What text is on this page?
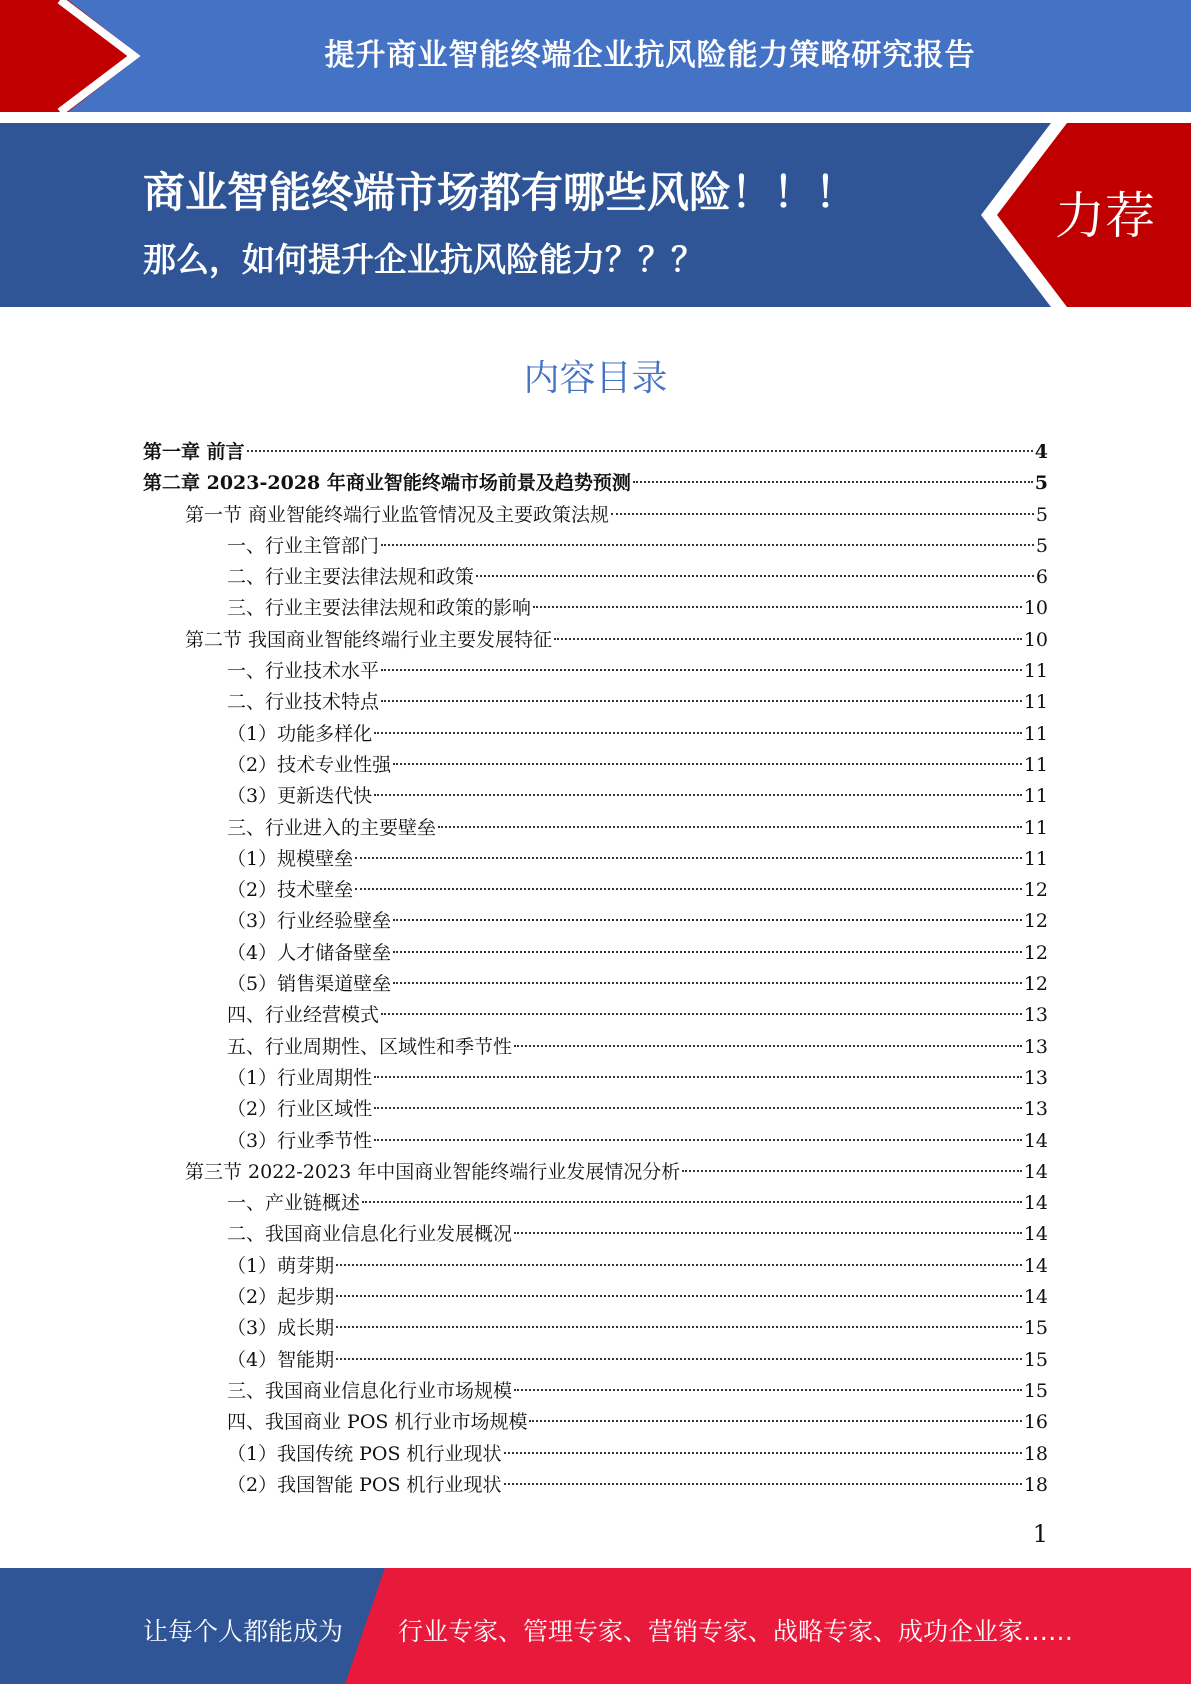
提升商业智能终端企业抗风险能力策略研究报告
商业智能终端市场都有哪些风险！！！
那么，如何提升企业抗风险能力？？？
力荐
内容目录
第一章 前言	4
第二章 2023-2028 年商业智能终端市场前景及趋势预测	5
第一节 商业智能终端行业监管情况及主要政策法规	5
一、行业主管部门	5
二、行业主要法律法规和政策	6
三、行业主要法律法规和政策的影响	10
第二节 我国商业智能终端行业主要发展特征	10
一、行业技术水平	11
二、行业技术特点	11
（1）功能多样化	11
（2）技术专业性强	11
（3）更新迭代快	11
三、行业进入的主要壁垒	11
（1）规模壁垒	11
（2）技术壁垒	12
（3）行业经验壁垒	12
（4）人才储备壁垒	12
（5）销售渠道壁垒	12
四、行业经营模式	13
五、行业周期性、区域性和季节性	13
（1）行业周期性	13
（2）行业区域性	13
（3）行业季节性	14
第三节 2022-2023 年中国商业智能终端行业发展情况分析	14
一、产业链概述	14
二、我国商业信息化行业发展概况	14
（1）萌芽期	14
（2）起步期	14
（3）成长期	15
（4）智能期	15
三、我国商业信息化行业市场规模	15
四、我国商业 POS 机行业市场规模	16
（1）我国传统 POS 机行业现状	18
（2）我国智能 POS 机行业现状	18
1
让每个人都能成为 行业专家、管理专家、营销专家、战略专家、成功企业家……
